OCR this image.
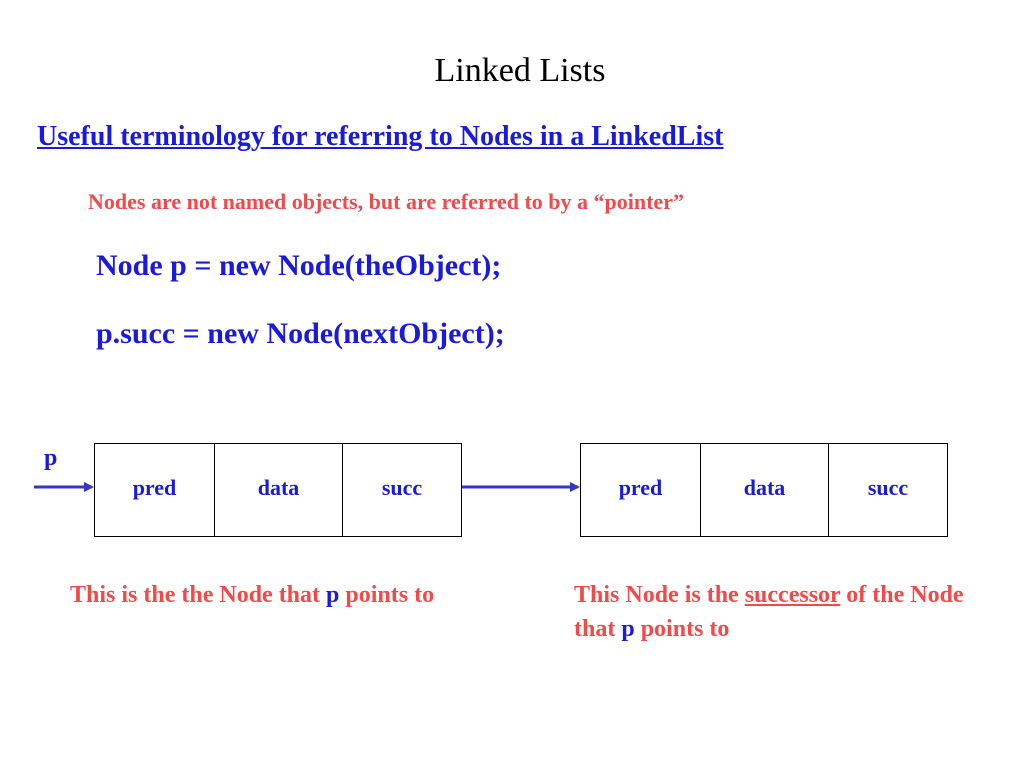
Linked Lists
Useful terminology for referring to Nodes in a LinkedList
Nodes are not named objects, but are referred to by a “pointer”
Node p = new Node(theObject);
p.succ = new Node(nextObject);
p
pred	data	succ	pred	data	succ

This is the the Node that p points to	This Node is the successor of the Node that p points to
